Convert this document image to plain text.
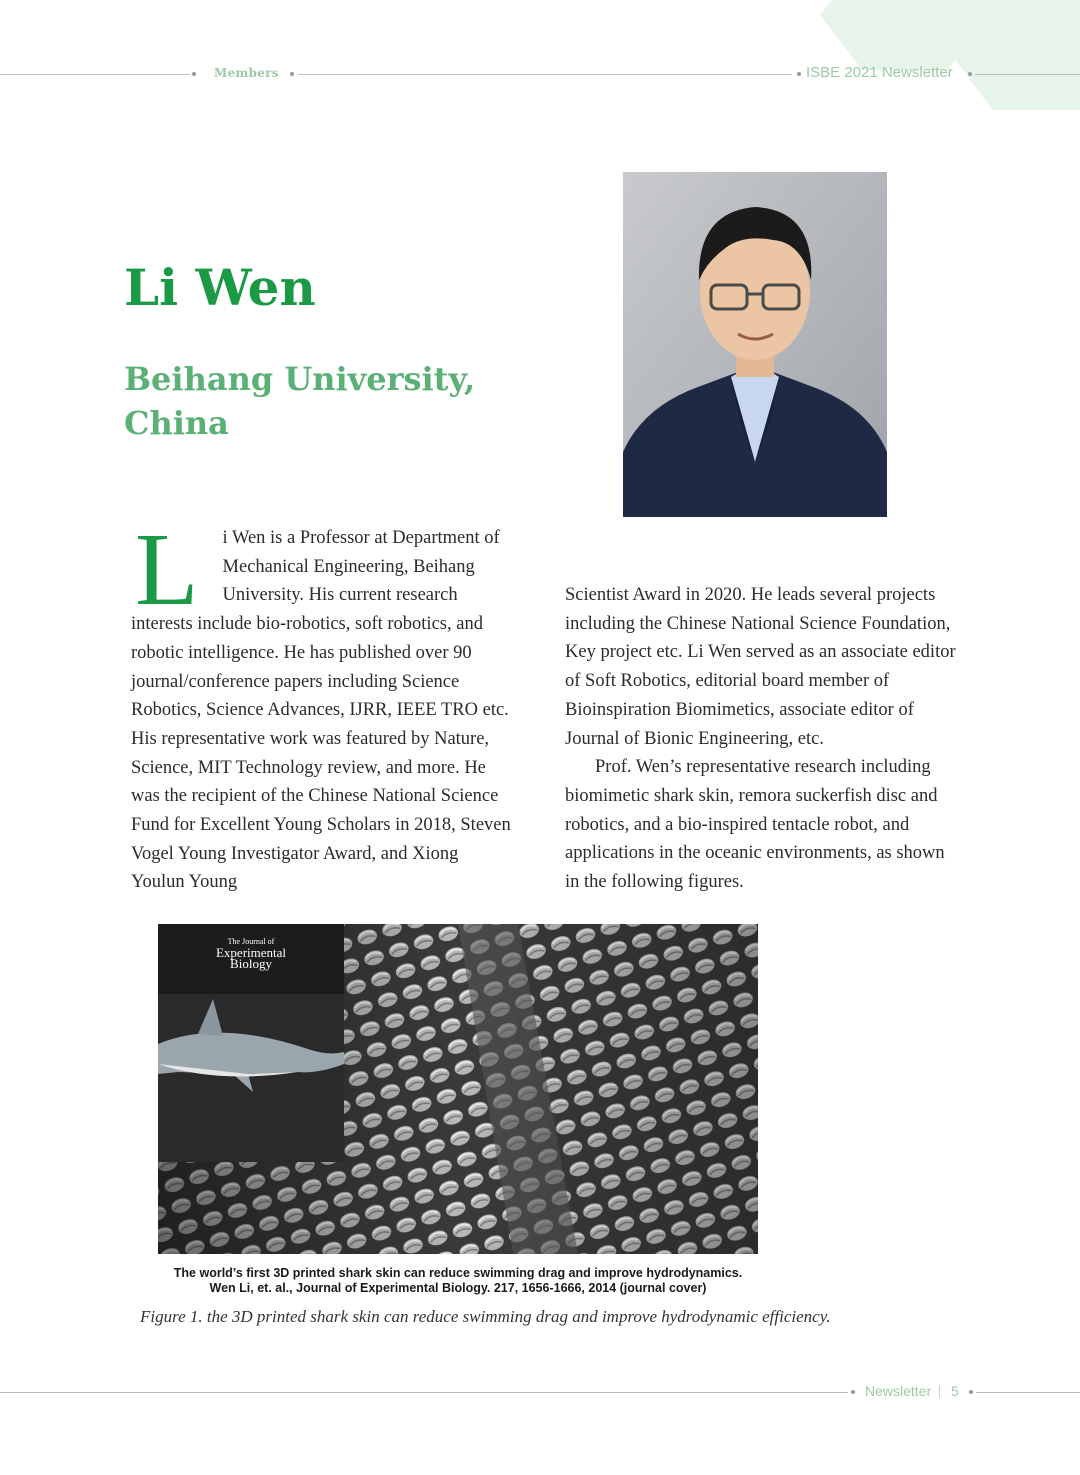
Members	ISBE 2021 Newsletter
Li Wen
Beihang University, China
L	i Wen is a Professor at Department of Mechanical Engineering, Beihang University. His current research interests include bio-robotics, soft robotics, and robotic intelligence. He has published over 90 journal/conference papers including Science Robotics, Science Advances, IJRR, IEEE TRO etc. His representative work was featured by Nature, Science, MIT Technology review, and more. He was the recipient of the Chinese National Science Fund for Excellent Young Scholars in 2018, Steven Vogel Young Investigator Award, and Xiong Youlun Young

Scientist Award in 2020. He leads several projects including the Chinese National Science Foundation, Key project etc. Li Wen served as an associate editor of Soft Robotics, editorial board member of Bioinspiration Biomimetics, associate editor of Journal of Bionic Engineering, etc.

Prof. Wen’s representative research including biomimetic shark skin, remora suckerfish disc and robotics, and a bio-inspired tentacle robot, and applications in the oceanic environments, as shown in the following figures.

The Journal of
Experimental
Biology
The world’s first 3D printed shark skin can reduce swimming drag and improve hydrodynamics.
Wen Li, et. al., Journal of Experimental Biology. 217, 1656-1666, 2014 (journal cover)
Figure 1. the 3D printed shark skin can reduce swimming drag and improve hydrodynamic efficiency.
Newsletter 5
